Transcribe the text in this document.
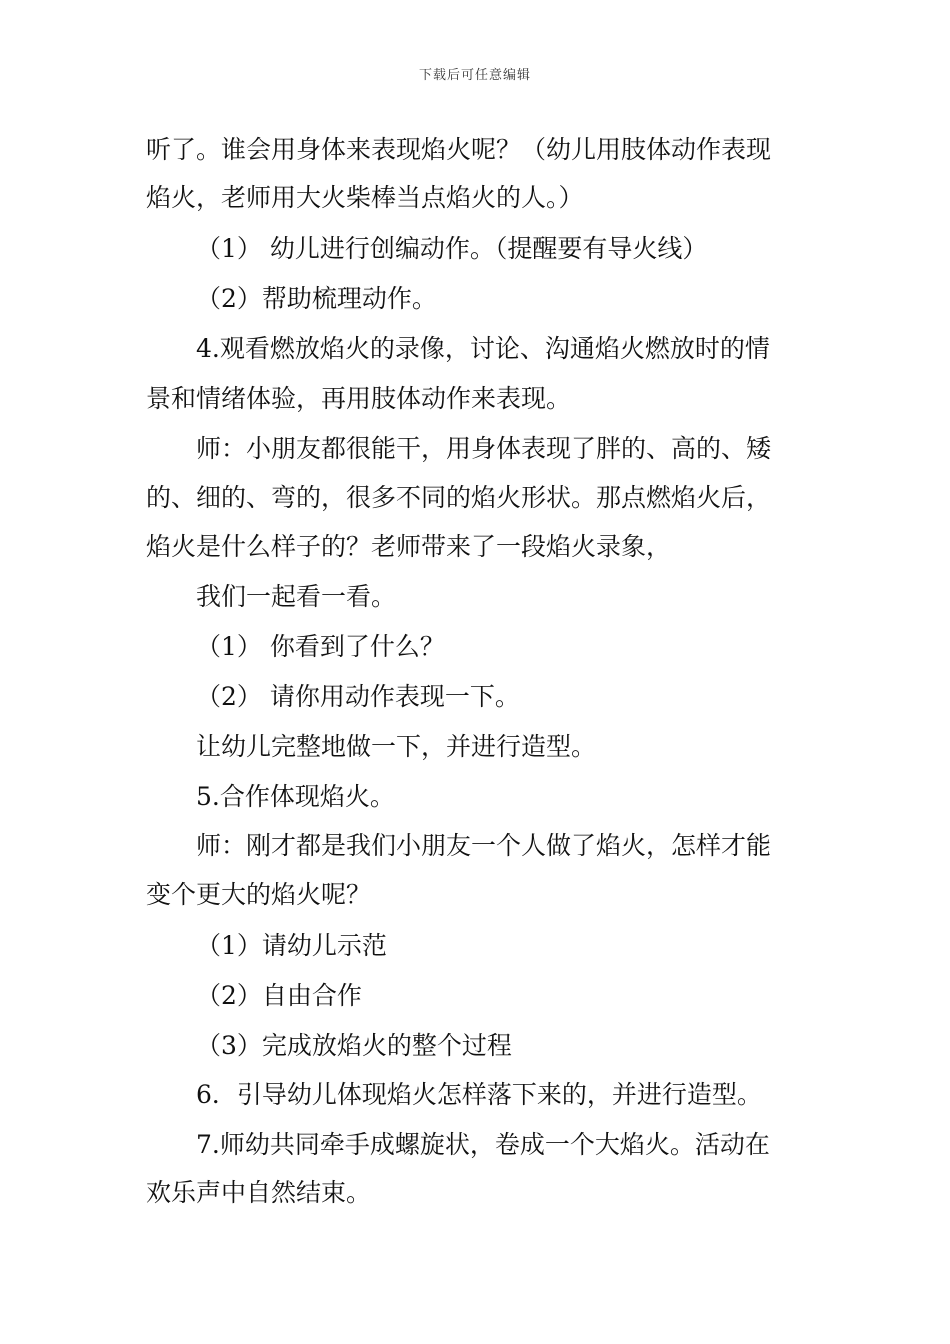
下载后可任意编辑
听了。谁会用身体来表现焰火呢？（幼儿用肢体动作表现
焰火，老师用大火柴棒当点焰火的人。）
（1） 幼儿进行创编动作。（提醒要有导火线）
（2）帮助梳理动作。
4.观看燃放焰火的录像，讨论、沟通焰火燃放时的情
景和情绪体验，再用肢体动作来表现。
师：小朋友都很能干，用身体表现了胖的、高的、矮
的、细的、弯的，很多不同的焰火形状。那点燃焰火后，
焰火是什么样子的？老师带来了一段焰火录象，
我们一起看一看。
（1） 你看到了什么？
（2） 请你用动作表现一下。
让幼儿完整地做一下，并进行造型。
5.合作体现焰火。
师：刚才都是我们小朋友一个人做了焰火，怎样才能
变个更大的焰火呢？
（1）请幼儿示范
（2）自由合作
（3）完成放焰火的整个过程
6．引导幼儿体现焰火怎样落下来的，并进行造型。
7.师幼共同牵手成螺旋状，卷成一个大焰火。活动在
欢乐声中自然结束。
